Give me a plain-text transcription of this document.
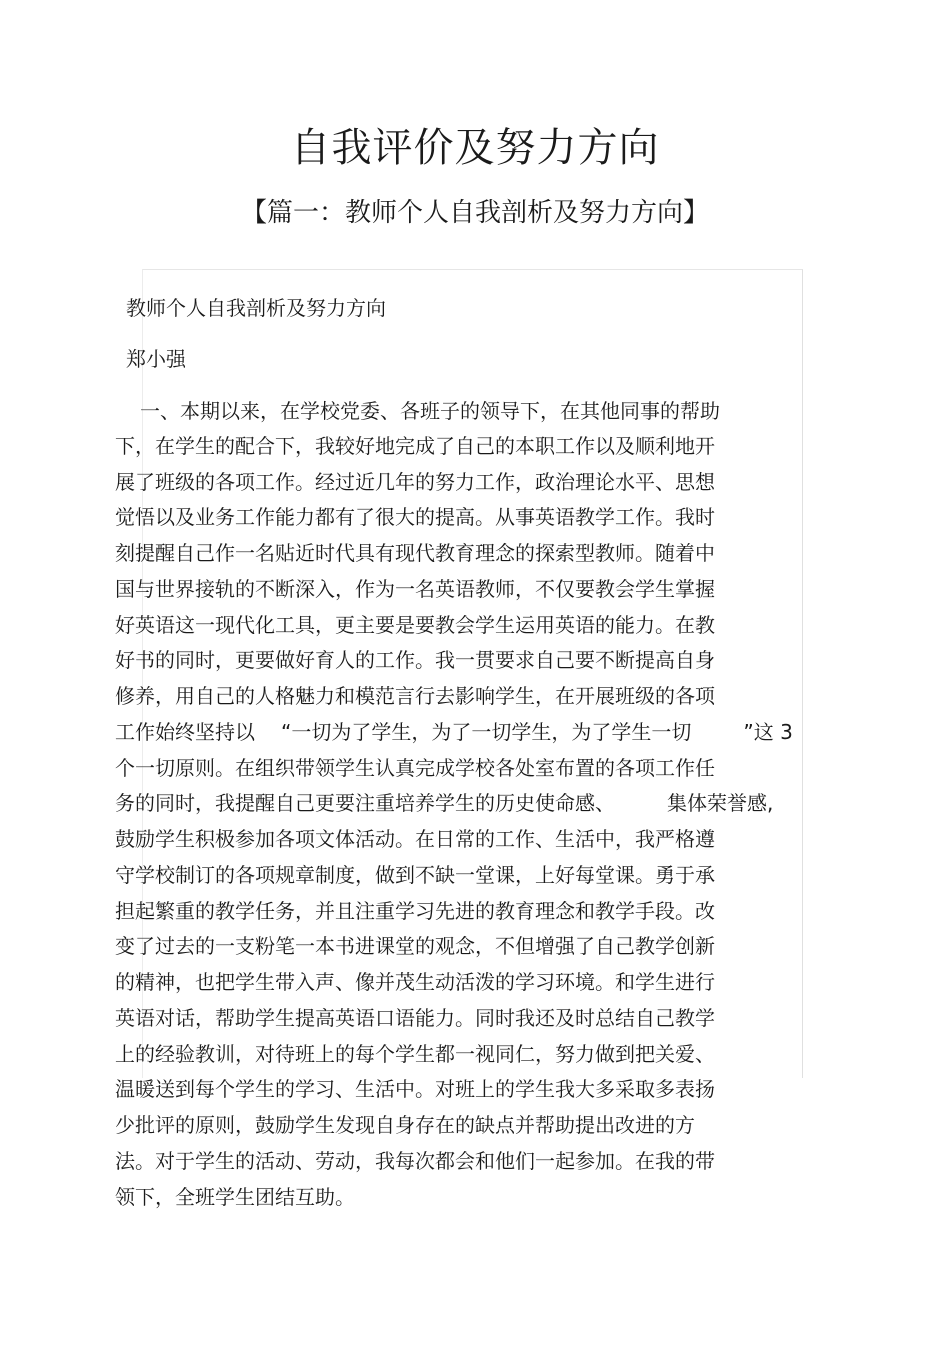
自我评价及努力方向
【篇一：教师个人自我剖析及努力方向】
教师个人自我剖析及努力方向
郑小强
一、本期以来，在学校党委、各班子的领导下，在其他同事的帮助
下，在学生的配合下，我较好地完成了自己的本职工作以及顺利地开
展了班级的各项工作。经过近几年的努力工作，政治理论水平、思想
觉悟以及业务工作能力都有了很大的提高。从事英语教学工作。我时
刻提醒自己作一名贴近时代具有现代教育理念的探索型教师。随着中
国与世界接轨的不断深入，作为一名英语教师，不仅要教会学生掌握
好英语这一现代化工具，更主要是要教会学生运用英语的能力。在教
好书的同时，更要做好育人的工作。我一贯要求自己要不断提高自身
修养，用自己的人格魅力和模范言行去影响学生，在开展班级的各项
工作始终坚持以 “一切为了学生，为了一切学生，为了学生一切	”这 3
个一切原则。在组织带领学生认真完成学校各处室布置的各项工作任
务的同时，我提醒自己更要注重培养学生的历史使命感、	集体荣誉感,
鼓励学生积极参加各项文体活动。在日常的工作、生活中，我严格遵
守学校制订的各项规章制度，做到不缺一堂课，上好每堂课。勇于承
担起繁重的教学任务，并且注重学习先进的教育理念和教学手段。改
变了过去的一支粉笔一本书进课堂的观念，不但增强了自己教学创新
的精神，也把学生带入声、像并茂生动活泼的学习环境。和学生进行
英语对话，帮助学生提高英语口语能力。同时我还及时总结自己教学
上的经验教训，对待班上的每个学生都一视同仁，努力做到把关爱、
温暖送到每个学生的学习、生活中。对班上的学生我大多采取多表扬
少批评的原则，鼓励学生发现自身存在的缺点并帮助提出改进的方
法。对于学生的活动、劳动，我每次都会和他们一起参加。在我的带
领下，全班学生团结互助。
